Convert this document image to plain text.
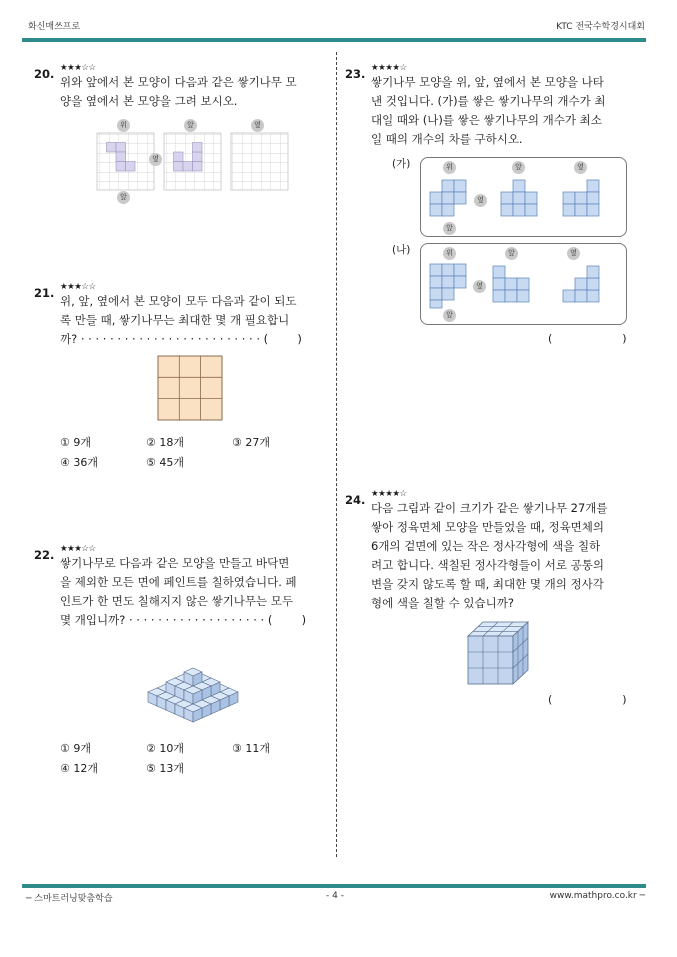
화신매쓰프로	KTC 전국수학경시대회
20. ★★★☆☆
위와 앞에서 본 모양이 다음과 같은 쌓기나무 모
양을 옆에서 본 모양을 그려 보시오.
위	앞	옆
옆
앞
21. ★★★☆☆
위, 앞, 옆에서 본 모양이 모두 다음과 같이 되도
록 만들 때, 쌓기나무는 최대한 몇 개 필요합니
까? · · · · · · · · · · · · · · · · · · · · · · · · · (        )
① 9개	② 18개	③ 27개
④ 36개	⑤ 45개
22. ★★★☆☆
쌓기나무로 다음과 같은 모양을 만들고 바닥면
을 제외한 모든 면에 페인트를 칠하였습니다. 페
인트가 한 면도 칠해지지 않은 쌓기나무는 모두
몇 개입니까? · · · · · · · · · · · · · · · · · · · (        )
① 9개	② 10개	③ 11개
④ 12개	⑤ 13개
23. ★★★★☆
쌓기나무 모양을 위, 앞, 옆에서 본 모양을 나타
낸 것입니다. (가)를 쌓은 쌓기나무의 개수가 최
대일 때와 (나)를 쌓은 쌓기나무의 개수가 최소
일 때의 개수의 차를 구하시오.
(가)	위	앞	옆
옆
앞
(나)	위	앞	옆
옆
앞
(                    )
24. ★★★★☆
다음 그림과 같이 크기가 같은 쌓기나무 27개를
쌓아 정육면체 모양을 만들었을 때, 정육면체의
6개의 겉면에 있는 작은 정사각형에 색을 칠하
려고 합니다. 색칠된 정사각형들이 서로 공통의
변을 갖지 않도록 할 때, 최대한 몇 개의 정사각
형에 색을 칠할 수 있습니까?
(                    )
─ 스마트러닝맞춤학습	- 4 -	www.mathpro.co.kr ─
